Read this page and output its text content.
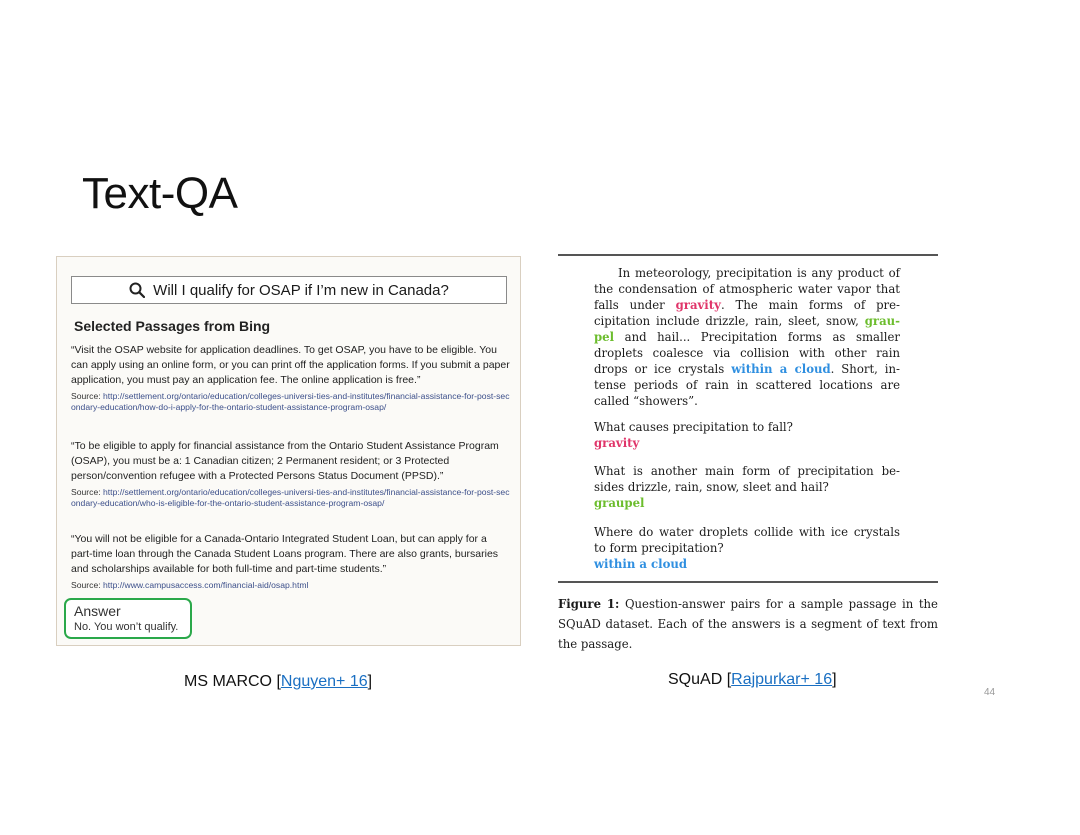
Text-QA
Will I qualify for OSAP if I’m new in Canada?
Selected Passages from Bing

“Visit the OSAP website for application deadlines. To get OSAP, you have to be eligible. You can apply using an online form, or you can print off the application forms. If you submit a paper application, you must pay an application fee. The online application is free.”

Source: http://settlement.org/ontario/education/colleges-universi-ties-and-institutes/financial-assistance-for-post-secondary-education/how-do-i-apply-for-the-ontario-student-assistance-program-osap/

“To be eligible to apply for financial assistance from the Ontario Student Assistance Program (OSAP), you must be a: 1 Canadian citizen; 2 Permanent resident; or 3 Protected person/convention refugee with a Protected Persons Status Document (PPSD).”

Source: http://settlement.org/ontario/education/colleges-universi-ties-and-institutes/financial-assistance-for-post-secondary-education/who-is-eligible-for-the-ontario-student-assistance-program-osap/

“You will not be eligible for a Canada-Ontario Integrated Student Loan, but can apply for a part-time loan through the Canada Student Loans program. There are also grants, bursaries and scholarships available for both full-time and part-time students.”

Source: http://www.campusaccess.com/financial-aid/osap.html
Answer
No. You won’t qualify.

In meteorology, precipitation is any product of the condensation of atmospheric water vapor that falls under gravity. The main forms of pre-cipitation include drizzle, rain, sleet, snow, grau-pel and hail... Precipitation forms as smaller droplets coalesce via collision with other rain drops or ice crystals within a cloud. Short, in-tense periods of rain in scattered locations are called “showers”.

What causes precipitation to fall?

gravity

What is another main form of precipitation be-sides drizzle, rain, snow, sleet and hail?

graupel

Where do water droplets collide with ice crystals to form precipitation?

within a cloud

Figure 1: Question-answer pairs for a sample passage in the SQuAD dataset. Each of the answers is a segment of text from the passage.
MS MARCO [Nguyen+ 16]	SQuAD [Rajpurkar+ 16]
44
